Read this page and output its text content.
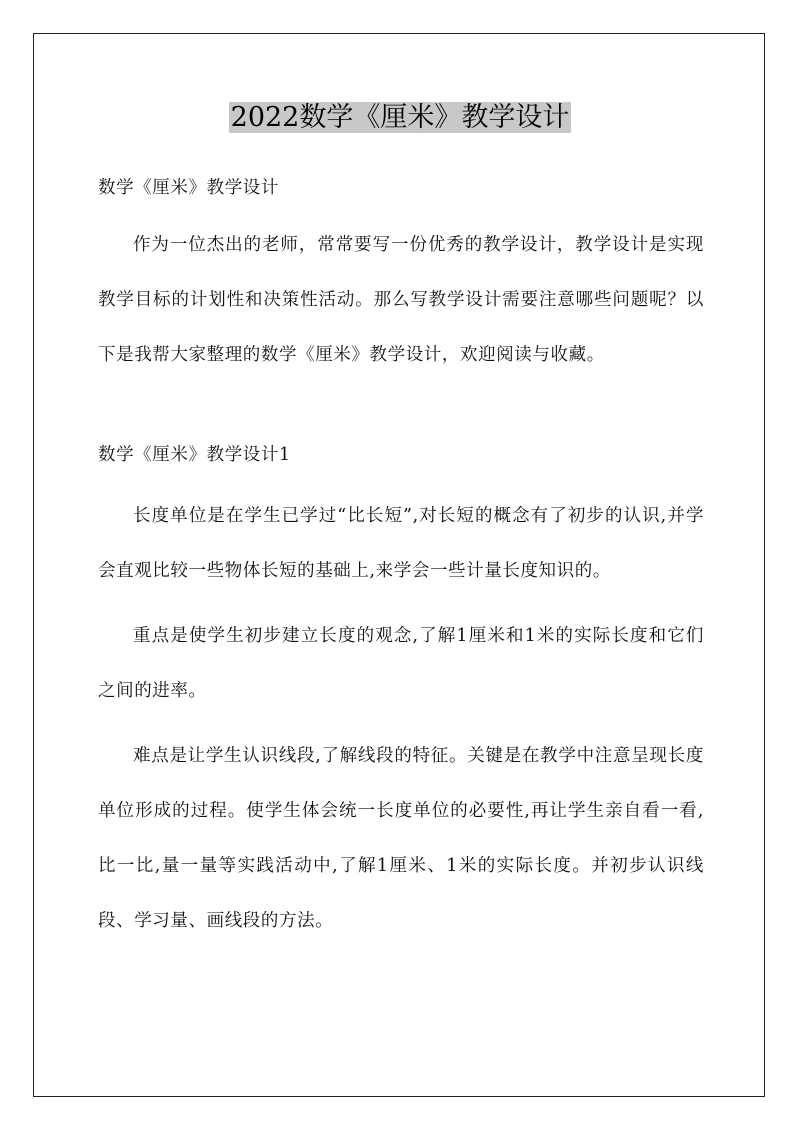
2022数学《厘米》教学设计

数学《厘米》教学设计

作为一位杰出的老师，常常要写一份优秀的教学设计，教学设计是实现教学目标的计划性和决策性活动。那么写教学设计需要注意哪些问题呢？以下是我帮大家整理的数学《厘米》教学设计，欢迎阅读与收藏。

数学《厘米》教学设计1

长度单位是在学生已学过“比长短”,对长短的概念有了初步的认识,并学会直观比较一些物体长短的基础上,来学会一些计量长度知识的。

重点是使学生初步建立长度的观念,了解1厘米和1米的实际长度和它们之间的进率。

难点是让学生认识线段,了解线段的特征。关键是在教学中注意呈现长度单位形成的过程。使学生体会统一长度单位的必要性,再让学生亲自看一看,比一比,量一量等实践活动中,了解1厘米、1米的实际长度。并初步认识线段、学习量、画线段的方法。
